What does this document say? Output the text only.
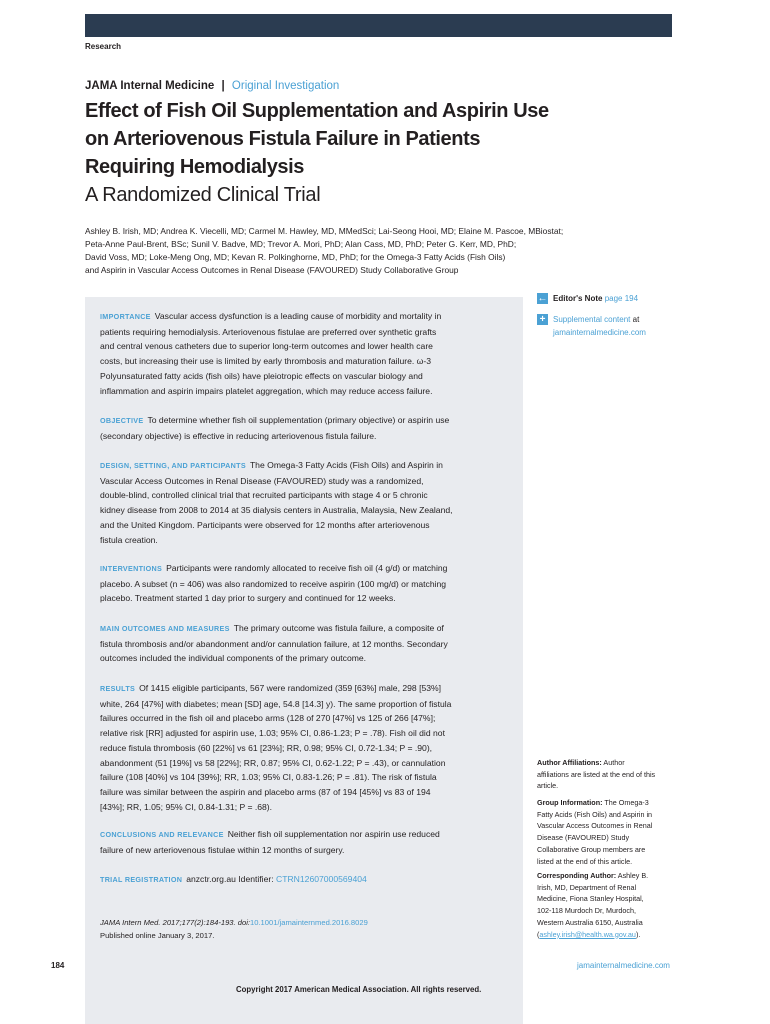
Research
JAMA Internal Medicine | Original Investigation
Effect of Fish Oil Supplementation and Aspirin Use
on Arteriovenous Fistula Failure in Patients
Requiring Hemodialysis
A Randomized Clinical Trial
Ashley B. Irish, MD; Andrea K. Viecelli, MD; Carmel M. Hawley, MD, MMedSci; Lai-Seong Hooi, MD; Elaine M. Pascoe, MBiostat;
Peta-Anne Paul-Brent, BSc; Sunil V. Badve, MD; Trevor A. Mori, PhD; Alan Cass, MD, PhD; Peter G. Kerr, MD, PhD;
David Voss, MD; Loke-Meng Ong, MD; Kevan R. Polkinghorne, MD, PhD; for the Omega-3 Fatty Acids (Fish Oils)
and Aspirin in Vascular Access Outcomes in Renal Disease (FAVOURED) Study Collaborative Group
IMPORTANCE Vascular access dysfunction is a leading cause of morbidity and mortality in
patients requiring hemodialysis. Arteriovenous fistulae are preferred over synthetic grafts
and central venous catheters due to superior long-term outcomes and lower health care
costs, but increasing their use is limited by early thrombosis and maturation failure. ω-3
Polyunsaturated fatty acids (fish oils) have pleiotropic effects on vascular biology and
inflammation and aspirin impairs platelet aggregation, which may reduce access failure.
OBJECTIVE To determine whether fish oil supplementation (primary objective) or aspirin use
(secondary objective) is effective in reducing arteriovenous fistula failure.
DESIGN, SETTING, AND PARTICIPANTS The Omega-3 Fatty Acids (Fish Oils) and Aspirin in
Vascular Access Outcomes in Renal Disease (FAVOURED) study was a randomized,
double-blind, controlled clinical trial that recruited participants with stage 4 or 5 chronic
kidney disease from 2008 to 2014 at 35 dialysis centers in Australia, Malaysia, New Zealand,
and the United Kingdom. Participants were observed for 12 months after arteriovenous
fistula creation.
INTERVENTIONS Participants were randomly allocated to receive fish oil (4 g/d) or matching
placebo. A subset (n = 406) was also randomized to receive aspirin (100 mg/d) or matching
placebo. Treatment started 1 day prior to surgery and continued for 12 weeks.
MAIN OUTCOMES AND MEASURES The primary outcome was fistula failure, a composite of
fistula thrombosis and/or abandonment and/or cannulation failure, at 12 months. Secondary
outcomes included the individual components of the primary outcome.
RESULTS Of 1415 eligible participants, 567 were randomized (359 [63%] male, 298 [53%]
white, 264 [47%] with diabetes; mean [SD] age, 54.8 [14.3] y). The same proportion of fistula
failures occurred in the fish oil and placebo arms (128 of 270 [47%] vs 125 of 266 [47%];
relative risk [RR] adjusted for aspirin use, 1.03; 95% CI, 0.86-1.23; P = .78). Fish oil did not
reduce fistula thrombosis (60 [22%] vs 61 [23%]; RR, 0.98; 95% CI, 0.72-1.34; P = .90),
abandonment (51 [19%] vs 58 [22%]; RR, 0.87; 95% CI, 0.62-1.22; P = .43), or cannulation
failure (108 [40%] vs 104 [39%]; RR, 1.03; 95% CI, 0.83-1.26; P = .81). The risk of fistula
failure was similar between the aspirin and placebo arms (87 of 194 [45%] vs 83 of 194
[43%]; RR, 1.05; 95% CI, 0.84-1.31; P = .68).
CONCLUSIONS AND RELEVANCE Neither fish oil supplementation nor aspirin use reduced
failure of new arteriovenous fistulae within 12 months of surgery.
TRIAL REGISTRATION anzctr.org.au Identifier: CTRN12607000569404
JAMA Intern Med. 2017;177(2):184-193. doi:10.1001/jamainternmed.2016.8029
Published online January 3, 2017.
← Editor's Note page 194
+ Supplemental content at
jamainternalmedicine.com
Author Affiliations: Author
affiliations are listed at the end of this
article.
Group Information: The Omega-3
Fatty Acids (Fish Oils) and Aspirin in
Vascular Access Outcomes in Renal
Disease (FAVOURED) Study
Collaborative Group members are
listed at the end of this article.
Corresponding Author: Ashley B.
Irish, MD, Department of Renal
Medicine, Fiona Stanley Hospital,
102-118 Murdoch Dr, Murdoch,
Western Australia 6150, Australia
(ashley.irish@health.wa.gov.au).
184	jamainternalmedicine.com
Copyright 2017 American Medical Association. All rights reserved.
